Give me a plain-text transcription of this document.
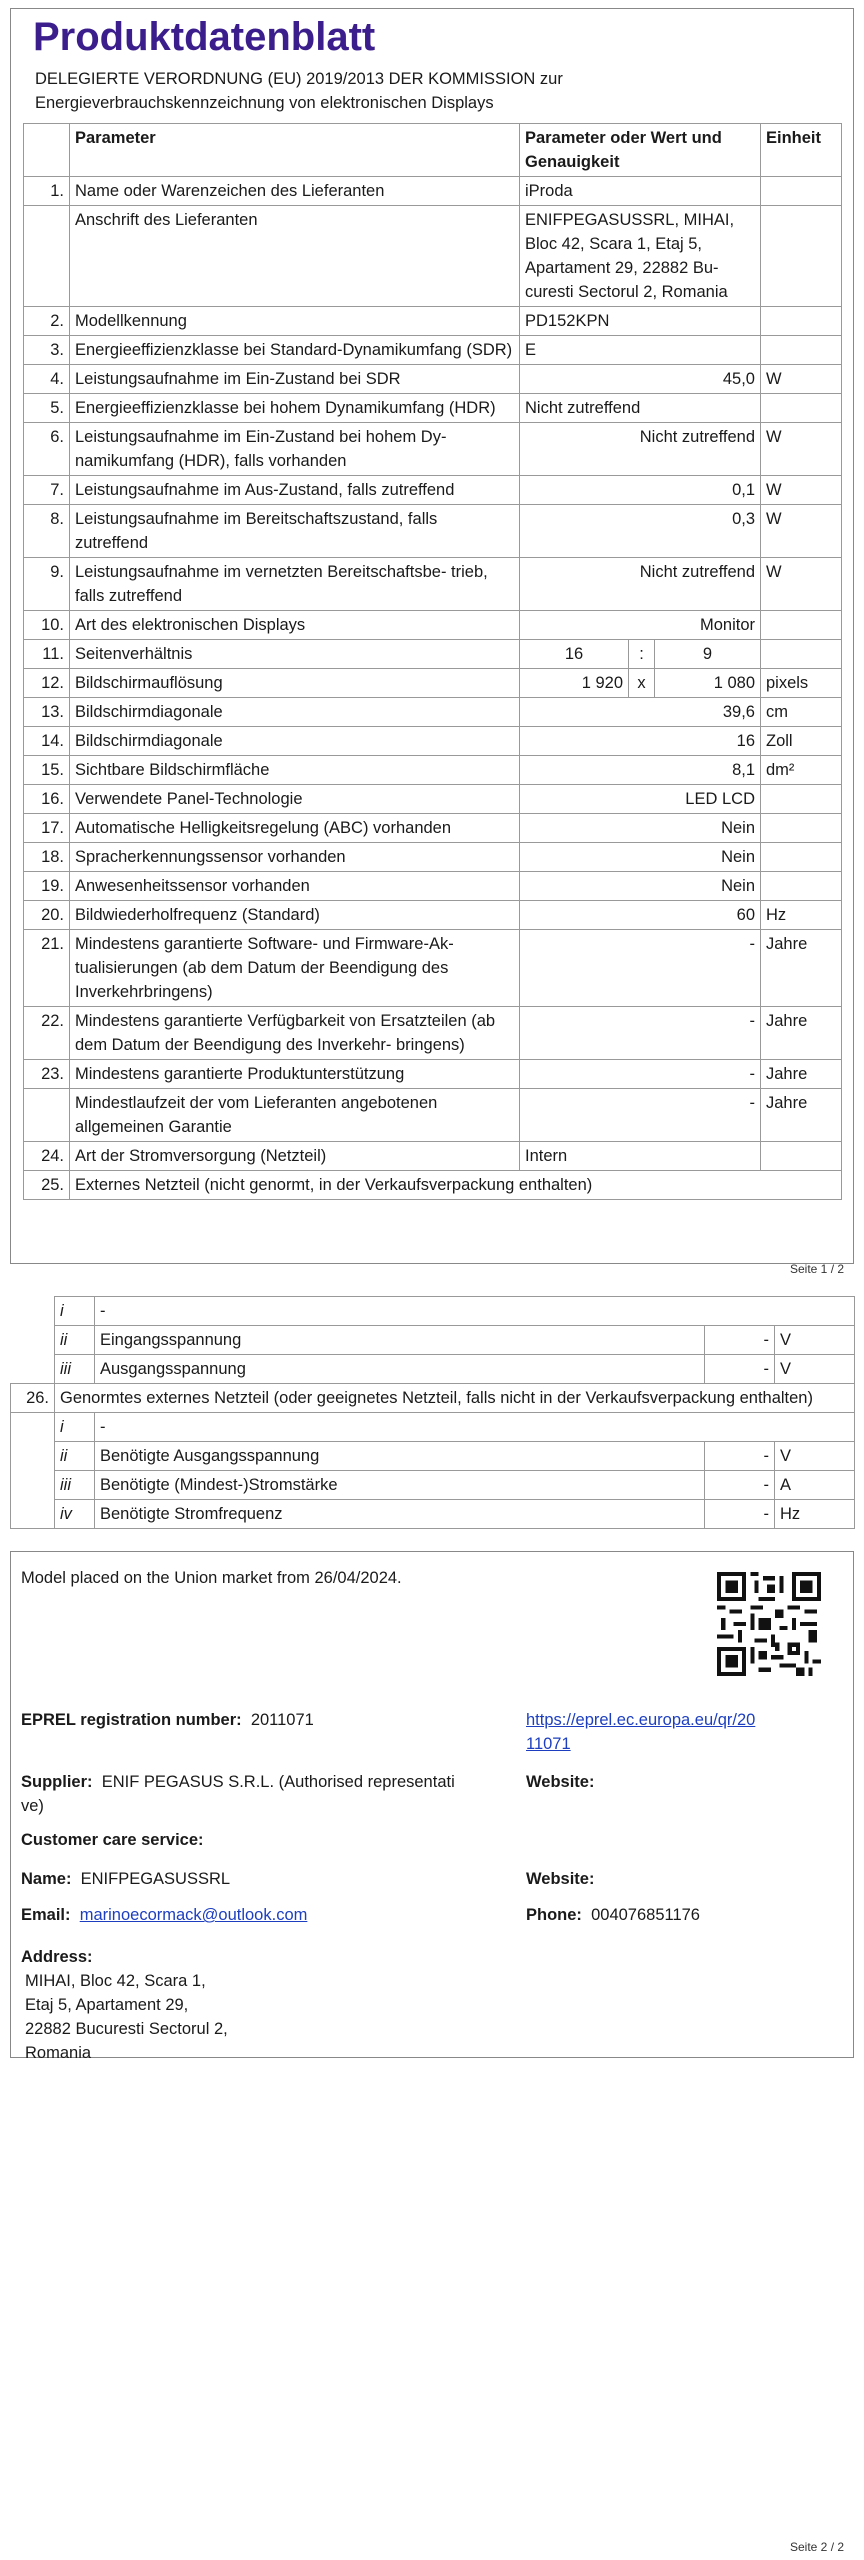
Produktdatenblatt
DELEGIERTE VERORDNUNG (EU) 2019/2013 DER KOMMISSION zur
Energieverbrauchskennzeichnung von elektronischen Displays
	Parameter	Parameter oder Wert und Genauigkeit	Einheit
1.	Name oder Warenzeichen des Lieferanten	iProda	
	Anschrift des Lieferanten	ENIFPEGASUSSRL, MIHAI, Bloc 42, Scara 1, Etaj 5, Apartament 29, 22882 Bu- curesti Sectorul 2, Romania	
2.	Modellkennung	PD152KPN	
3.	Energieeffizienzklasse bei Standard-Dynamikumfang (SDR)	E	
4.	Leistungsaufnahme im Ein-Zustand bei SDR	45,0	W
5.	Energieeffizienzklasse bei hohem Dynamikumfang (HDR)	Nicht zutreffend	
6.	Leistungsaufnahme im Ein-Zustand bei hohem Dy- namikumfang (HDR), falls vorhanden	Nicht zutreffend	W
7.	Leistungsaufnahme im Aus-Zustand, falls zutreffend	0,1	W
8.	Leistungsaufnahme im Bereitschaftszustand, falls zutreffend	0,3	W
9.	Leistungsaufnahme im vernetzten Bereitschaftsbe- trieb, falls zutreffend	Nicht zutreffend	W
10.	Art des elektronischen Displays	Monitor	
11.	Seitenverhältnis	16 : 9	

12.	Bildschirmauflösung	1 920 x 1 080	pixels
13.	Bildschirmdiagonale	39,6	cm
14.	Bildschirmdiagonale	16	Zoll
15.	Sichtbare Bildschirmfläche	8,1	dm²
16.	Verwendete Panel-Technologie	LED LCD	
17.	Automatische Helligkeitsregelung (ABC) vorhanden	Nein	
18.	Spracherkennungssensor vorhanden	Nein	
19.	Anwesenheitssensor vorhanden	Nein	
20.	Bildwiederholfrequenz (Standard)	60	Hz
21.	Mindestens garantierte Software- und Firmware-Ak- tualisierungen (ab dem Datum der Beendigung des Inverkehrbringens)	-	Jahre
22.	Mindestens garantierte Verfügbarkeit von Ersatzteilen (ab dem Datum der Beendigung des Inverkehr- bringens)	-	Jahre
23.	Mindestens garantierte Produktunterstützung	-	Jahre
	Mindestlaufzeit der vom Lieferanten angebotenen allgemeinen Garantie	-	Jahre
24.	Art der Stromversorgung (Netzteil)	Intern	
25.	Externes Netzteil (nicht genormt, in der Verkaufsverpackung enthalten)		
Seite 1 / 2
	i	-		
	ii	Eingangsspannung	-	V
	iii	Ausgangsspannung	-	V
26.	Genormtes externes Netzteil (oder geeignetes Netzteil, falls nicht in der Verkaufsverpackung enthalten)			
	i	-		
	ii	Benötigte Ausgangsspannung	-	V
	iii	Benötigte (Mindest-)Stromstärke	-	A
	iv	Benötigte Stromfrequenz	-	Hz
Model placed on the Union market from 26/04/2024.
EPREL registration number: 2011071	https://eprel.ec.europa.eu/qr/20
11071
Supplier: ENIF PEGASUS S.R.L. (Authorised representati
ve)
Website:
Customer care service:
Name: ENIFPEGASUSSRL	Website:
Email: marinoecormack@outlook.com	Phone: 004076851176
Address:
MIHAI, Bloc 42, Scara 1,
Etaj 5, Apartament 29,
22882 Bucuresti Sectorul 2,
Romania
Seite 2 / 2
